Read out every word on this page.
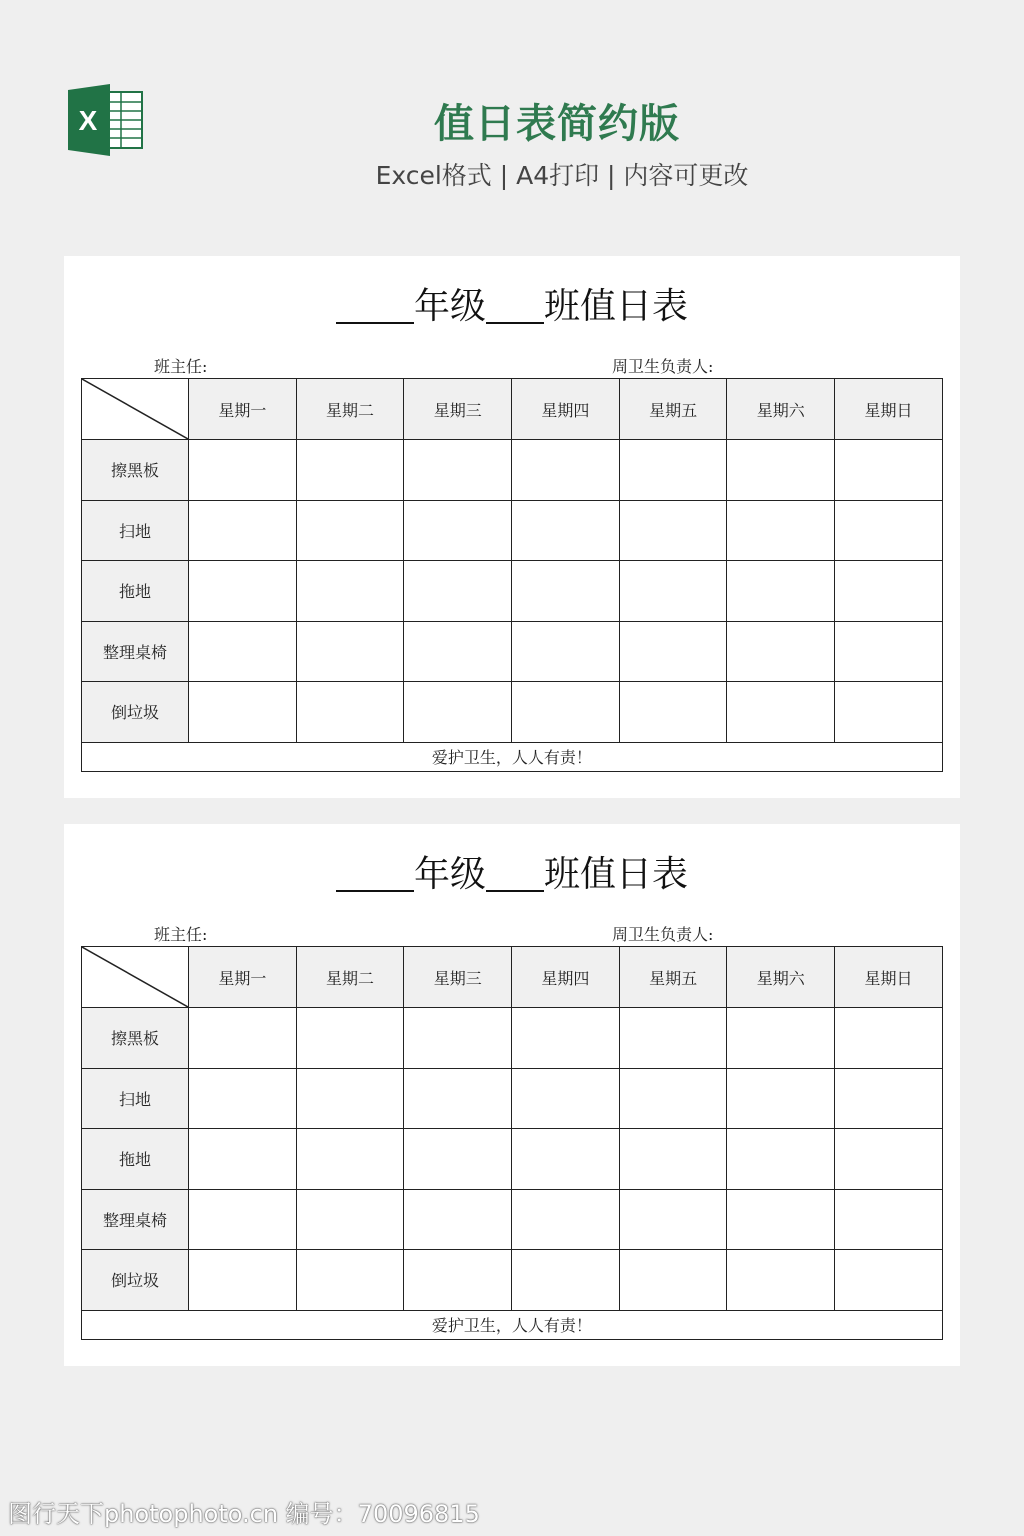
X	值日表简约版
Excel格式 | A4打印 | 内容可更改
年级 班值日表
班主任:	周卫生负责人:
	星期一	星期二	星期三	星期四	星期五	星期六	星期日
擦黑板							
扫地							
拖地							
整理桌椅							
倒垃圾							
爱护卫生，人人有责！							
年级 班值日表
班主任:	周卫生负责人:
	星期一	星期二	星期三	星期四	星期五	星期六	星期日
擦黑板							
扫地							
拖地							
整理桌椅							
倒垃圾							
爱护卫生，人人有责！							
图行天下photophoto.cn 编号：70096815
